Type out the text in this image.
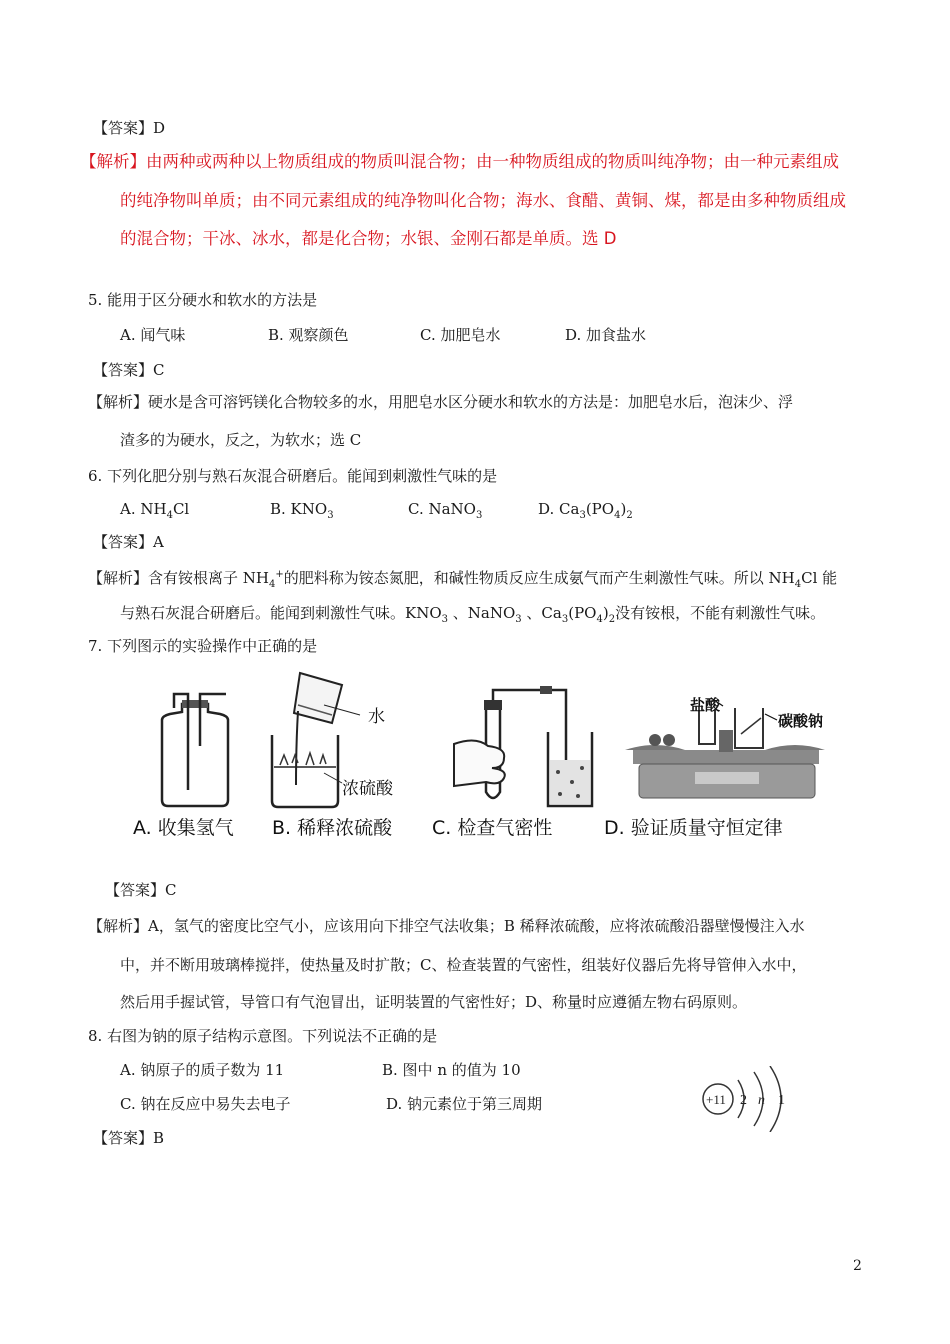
【答案】D
【解析】由两种或两种以上物质组成的物质叫混合物；由一种物质组成的物质叫纯净物；由一种元素组成
的纯净物叫单质；由不同元素组成的纯净物叫化合物；海水、食醋、黄铜、煤，都是由多种物质组成
的混合物；干冰、冰水，都是化合物；水银、金刚石都是单质。选 D
5. 能用于区分硬水和软水的方法是
A. 闻气味	B. 观察颜色	C. 加肥皂水	D. 加食盐水
【答案】C
【解析】硬水是含可溶钙镁化合物较多的水，用肥皂水区分硬水和软水的方法是：加肥皂水后，泡沫少、浮
渣多的为硬水，反之，为软水；选 C
6. 下列化肥分别与熟石灰混合研磨后。能闻到刺激性气味的是
A. $NH_4Cl$	B. $KNO_3$	C. NaNO$_3$	D. $Ca_3(PO_4)_2$
【答案】A
【解析】含有铵根离子 $NH_4^+$的肥料称为铵态氮肥，和碱性物质反应生成氨气而产生刺激性气味。所以 $NH_4Cl$ 能
与熟石灰混合研磨后。能闻到刺激性气味。$KNO_3$ 、NaNO$_3$ 、$Ca_3(PO_4)_2$没有铵根，不能有刺激性气味。
7. 下列图示的实验操作中正确的是
水
浓硫酸
盐酸
碳酸钠
A. 收集氢气 B. 稀释浓硫酸 C. 检查气密性	D. 验证质量守恒定律
【答案】C
【解析】A，氢气的密度比空气小，应该用向下排空气法收集；B 稀释浓硫酸，应将浓硫酸沿器壁慢慢注入水
中，并不断用玻璃棒搅拌，使热量及时扩散；C、检查装置的气密性，组装好仪器后先将导管伸入水中，
然后用手握试管，导管口有气泡冒出，证明装置的气密性好；D、称量时应遵循左物右码原则。
8. 右图为钠的原子结构示意图。下列说法不正确的是
A. 钠原子的质子数为 11	B. 图中 n 的值为 10
C. 钠在反应中易失去电子	D. 钠元素位于第三周期	+11 2 n 1
【答案】B
2
